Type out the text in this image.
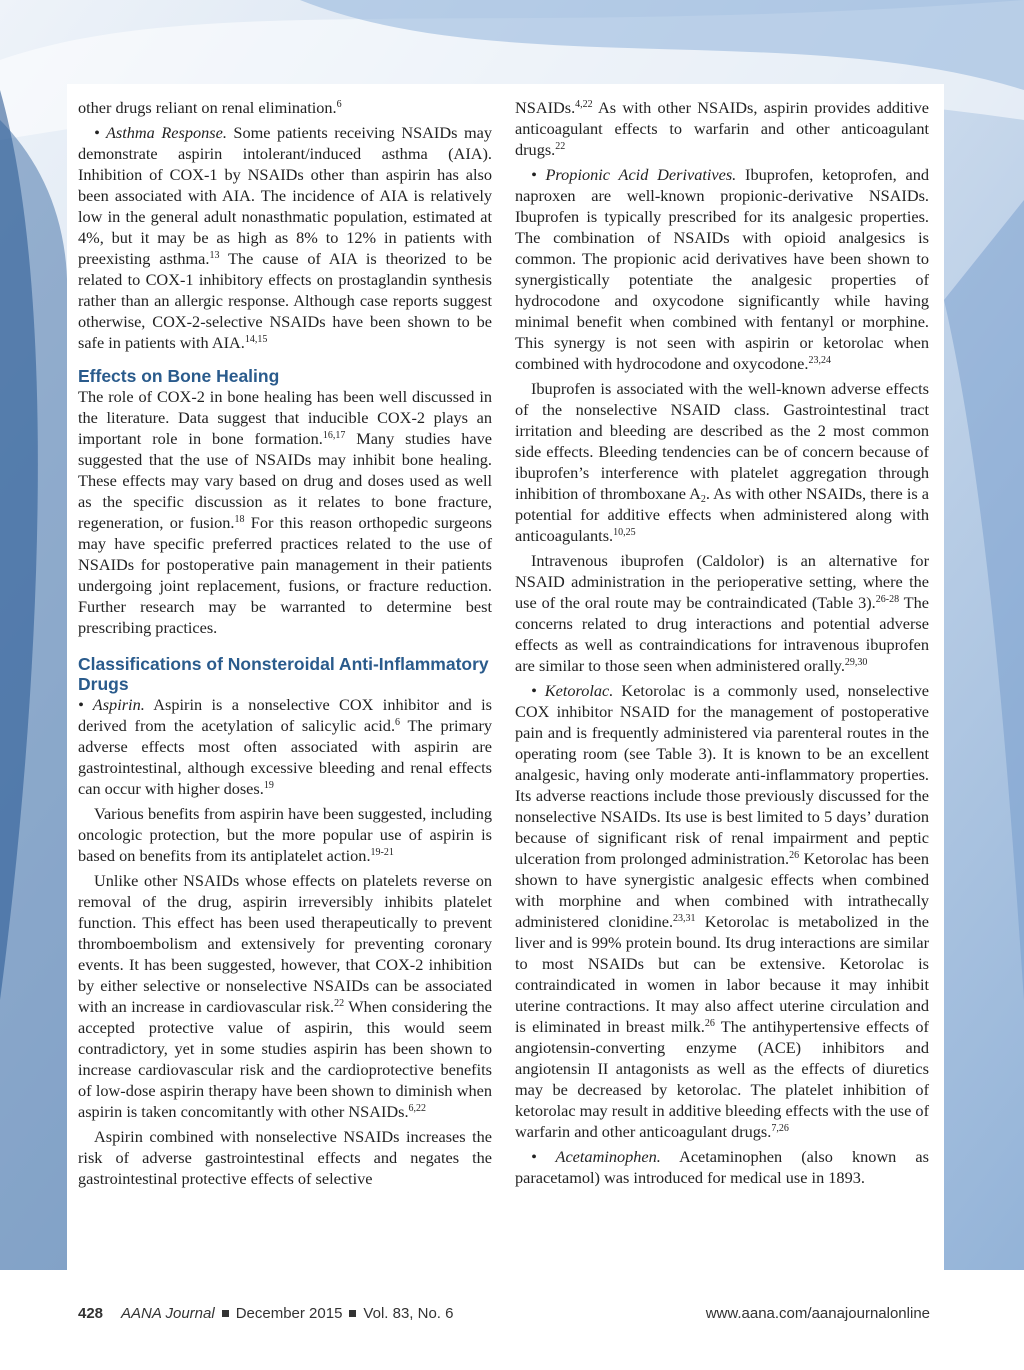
other drugs reliant on renal elimination.$^6$

• Asthma Response. Some patients receiving NSAIDs may demonstrate aspirin intolerant/induced asthma (AIA). Inhibition of COX-1 by NSAIDs other than aspirin has also been associated with AIA. The incidence of AIA is relatively low in the general adult nonasthmatic population, estimated at 4%, but it may be as high as 8% to 12% in patients with preexisting asthma.$^{13}$ The cause of AIA is theorized to be related to COX-1 inhibitory effects on prostaglandin synthesis rather than an allergic response. Although case reports suggest otherwise, COX-2-selective NSAIDs have been shown to be safe in patients with AIA.$^{14,15}$

Effects on Bone Healing

The role of COX-2 in bone healing has been well discussed in the literature. Data suggest that inducible COX-2 plays an important role in bone formation.$^{16,17}$ Many studies have suggested that the use of NSAIDs may inhibit bone healing. These effects may vary based on drug and doses used as well as the specific discussion as it relates to bone fracture, regeneration, or fusion.$^{18}$ For this reason orthopedic surgeons may have specific preferred practices related to the use of NSAIDs for postoperative pain management in their patients undergoing joint replacement, fusions, or fracture reduction. Further research may be warranted to determine best prescribing practices.

Classifications of Nonsteroidal Anti-Inflammatory Drugs

• Aspirin. Aspirin is a nonselective COX inhibitor and is derived from the acetylation of salicylic acid.$^6$ The primary adverse effects most often associated with aspirin are gastrointestinal, although excessive bleeding and renal effects can occur with higher doses.$^{19}$

Various benefits from aspirin have been suggested, including oncologic protection, but the more popular use of aspirin is based on benefits from its antiplatelet action.$^{19-21}$

Unlike other NSAIDs whose effects on platelets reverse on removal of the drug, aspirin irreversibly inhibits platelet function. This effect has been used therapeutically to prevent thromboembolism and extensively for preventing coronary events. It has been suggested, however, that COX-2 inhibition by either selective or nonselective NSAIDs can be associated with an increase in cardiovascular risk.$^{22}$ When considering the accepted protective value of aspirin, this would seem contradictory, yet in some studies aspirin has been shown to increase cardiovascular risk and the cardioprotective benefits of low-dose aspirin therapy have been shown to diminish when aspirin is taken concomitantly with other NSAIDs.$^{6,22}$

Aspirin combined with nonselective NSAIDs increases the risk of adverse gastrointestinal effects and negates the gastrointestinal protective effects of selective

NSAIDs.$^{4,22}$ As with other NSAIDs, aspirin provides additive anticoagulant effects to warfarin and other anticoagulant drugs.$^{22}$

• Propionic Acid Derivatives. Ibuprofen, ketoprofen, and naproxen are well-known propionic-derivative NSAIDs. Ibuprofen is typically prescribed for its analgesic properties. The combination of NSAIDs with opioid analgesics is common. The propionic acid derivatives have been shown to synergistically potentiate the analgesic properties of hydrocodone and oxycodone significantly while having minimal benefit when combined with fentanyl or morphine. This synergy is not seen with aspirin or ketorolac when combined with hydrocodone and oxycodone.$^{23,24}$

Ibuprofen is associated with the well-known adverse effects of the nonselective NSAID class. Gastrointestinal tract irritation and bleeding are described as the 2 most common side effects. Bleeding tendencies can be of concern because of ibuprofen’s interference with platelet aggregation through inhibition of thromboxane $A_2$. As with other NSAIDs, there is a potential for additive effects when administered along with anticoagulants.$^{10,25}$

Intravenous ibuprofen (Caldolor) is an alternative for NSAID administration in the perioperative setting, where the use of the oral route may be contraindicated (Table 3).$^{26-28}$ The concerns related to drug interactions and potential adverse effects as well as contraindications for intravenous ibuprofen are similar to those seen when administered orally.$^{29,30}$

• Ketorolac. Ketorolac is a commonly used, nonselective COX inhibitor NSAID for the management of postoperative pain and is frequently administered via parenteral routes in the operating room (see Table 3). It is known to be an excellent analgesic, having only moderate anti-inflammatory properties. Its adverse reactions include those previously discussed for the nonselective NSAIDs. Its use is best limited to 5 days’ duration because of significant risk of renal impairment and peptic ulceration from prolonged administration.$^{26}$ Ketorolac has been shown to have synergistic analgesic effects when combined with morphine and when combined with intrathecally administered clonidine.$^{23,31}$ Ketorolac is metabolized in the liver and is 99% protein bound. Its drug interactions are similar to most NSAIDs but can be extensive. Ketorolac is contraindicated in women in labor because it may inhibit uterine contractions. It may also affect uterine circulation and is eliminated in breast milk.$^{26}$ The antihypertensive effects of angiotensin-converting enzyme (ACE) inhibitors and angiotensin II antagonists as well as the effects of diuretics may be decreased by ketorolac. The platelet inhibition of ketorolac may result in additive bleeding effects with the use of warfarin and other anticoagulant drugs.$^{7,26}$

• Acetaminophen. Acetaminophen (also known as paracetamol) was introduced for medical use in 1893.

428 AANA Journal December 2015 Vol. 83, No. 6	www.aana.com/aanajournalonline
